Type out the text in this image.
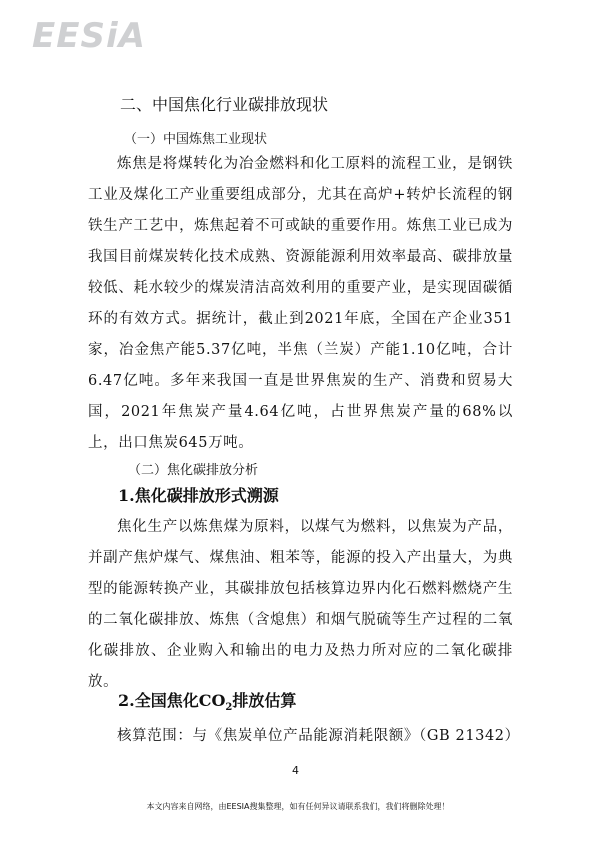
EESiA
二、中国焦化行业碳排放现状
（一）中国炼焦工业现状

炼焦是将煤转化为冶金燃料和化工原料的流程工业，是钢铁工业及煤化工产业重要组成部分，尤其在高炉+转炉长流程的钢铁生产工艺中，炼焦起着不可或缺的重要作用。炼焦工业已成为我国目前煤炭转化技术成熟、资源能源利用效率最高、碳排放量较低、耗水较少的煤炭清洁高效利用的重要产业，是实现固碳循环的有效方式。据统计，截止到2021年底，全国在产企业351家，冶金焦产能5.37亿吨，半焦（兰炭）产能1.10亿吨，合计6.47亿吨。多年来我国一直是世界焦炭的生产、消费和贸易大国，2021年焦炭产量4.64亿吨，占世界焦炭产量的68%以上，出口焦炭645万吨。

（二）焦化碳排放分析
1.焦化碳排放形式溯源

焦化生产以炼焦煤为原料，以煤气为燃料，以焦炭为产品，并副产焦炉煤气、煤焦油、粗苯等，能源的投入产出量大，为典型的能源转换产业，其碳排放包括核算边界内化石燃料燃烧产生的二氧化碳排放、炼焦（含熄焦）和烟气脱硫等生产过程的二氧化碳排放、企业购入和输出的电力及热力所对应的二氧化碳排放。

2.全国焦化$CO_2$排放估算
核算范围：与《焦炭单位产品能源消耗限额》（GB 21342）
4
本文内容来自网络，由EESIA搜集整理，如有任何异议请联系我们，我们将删除处理！
